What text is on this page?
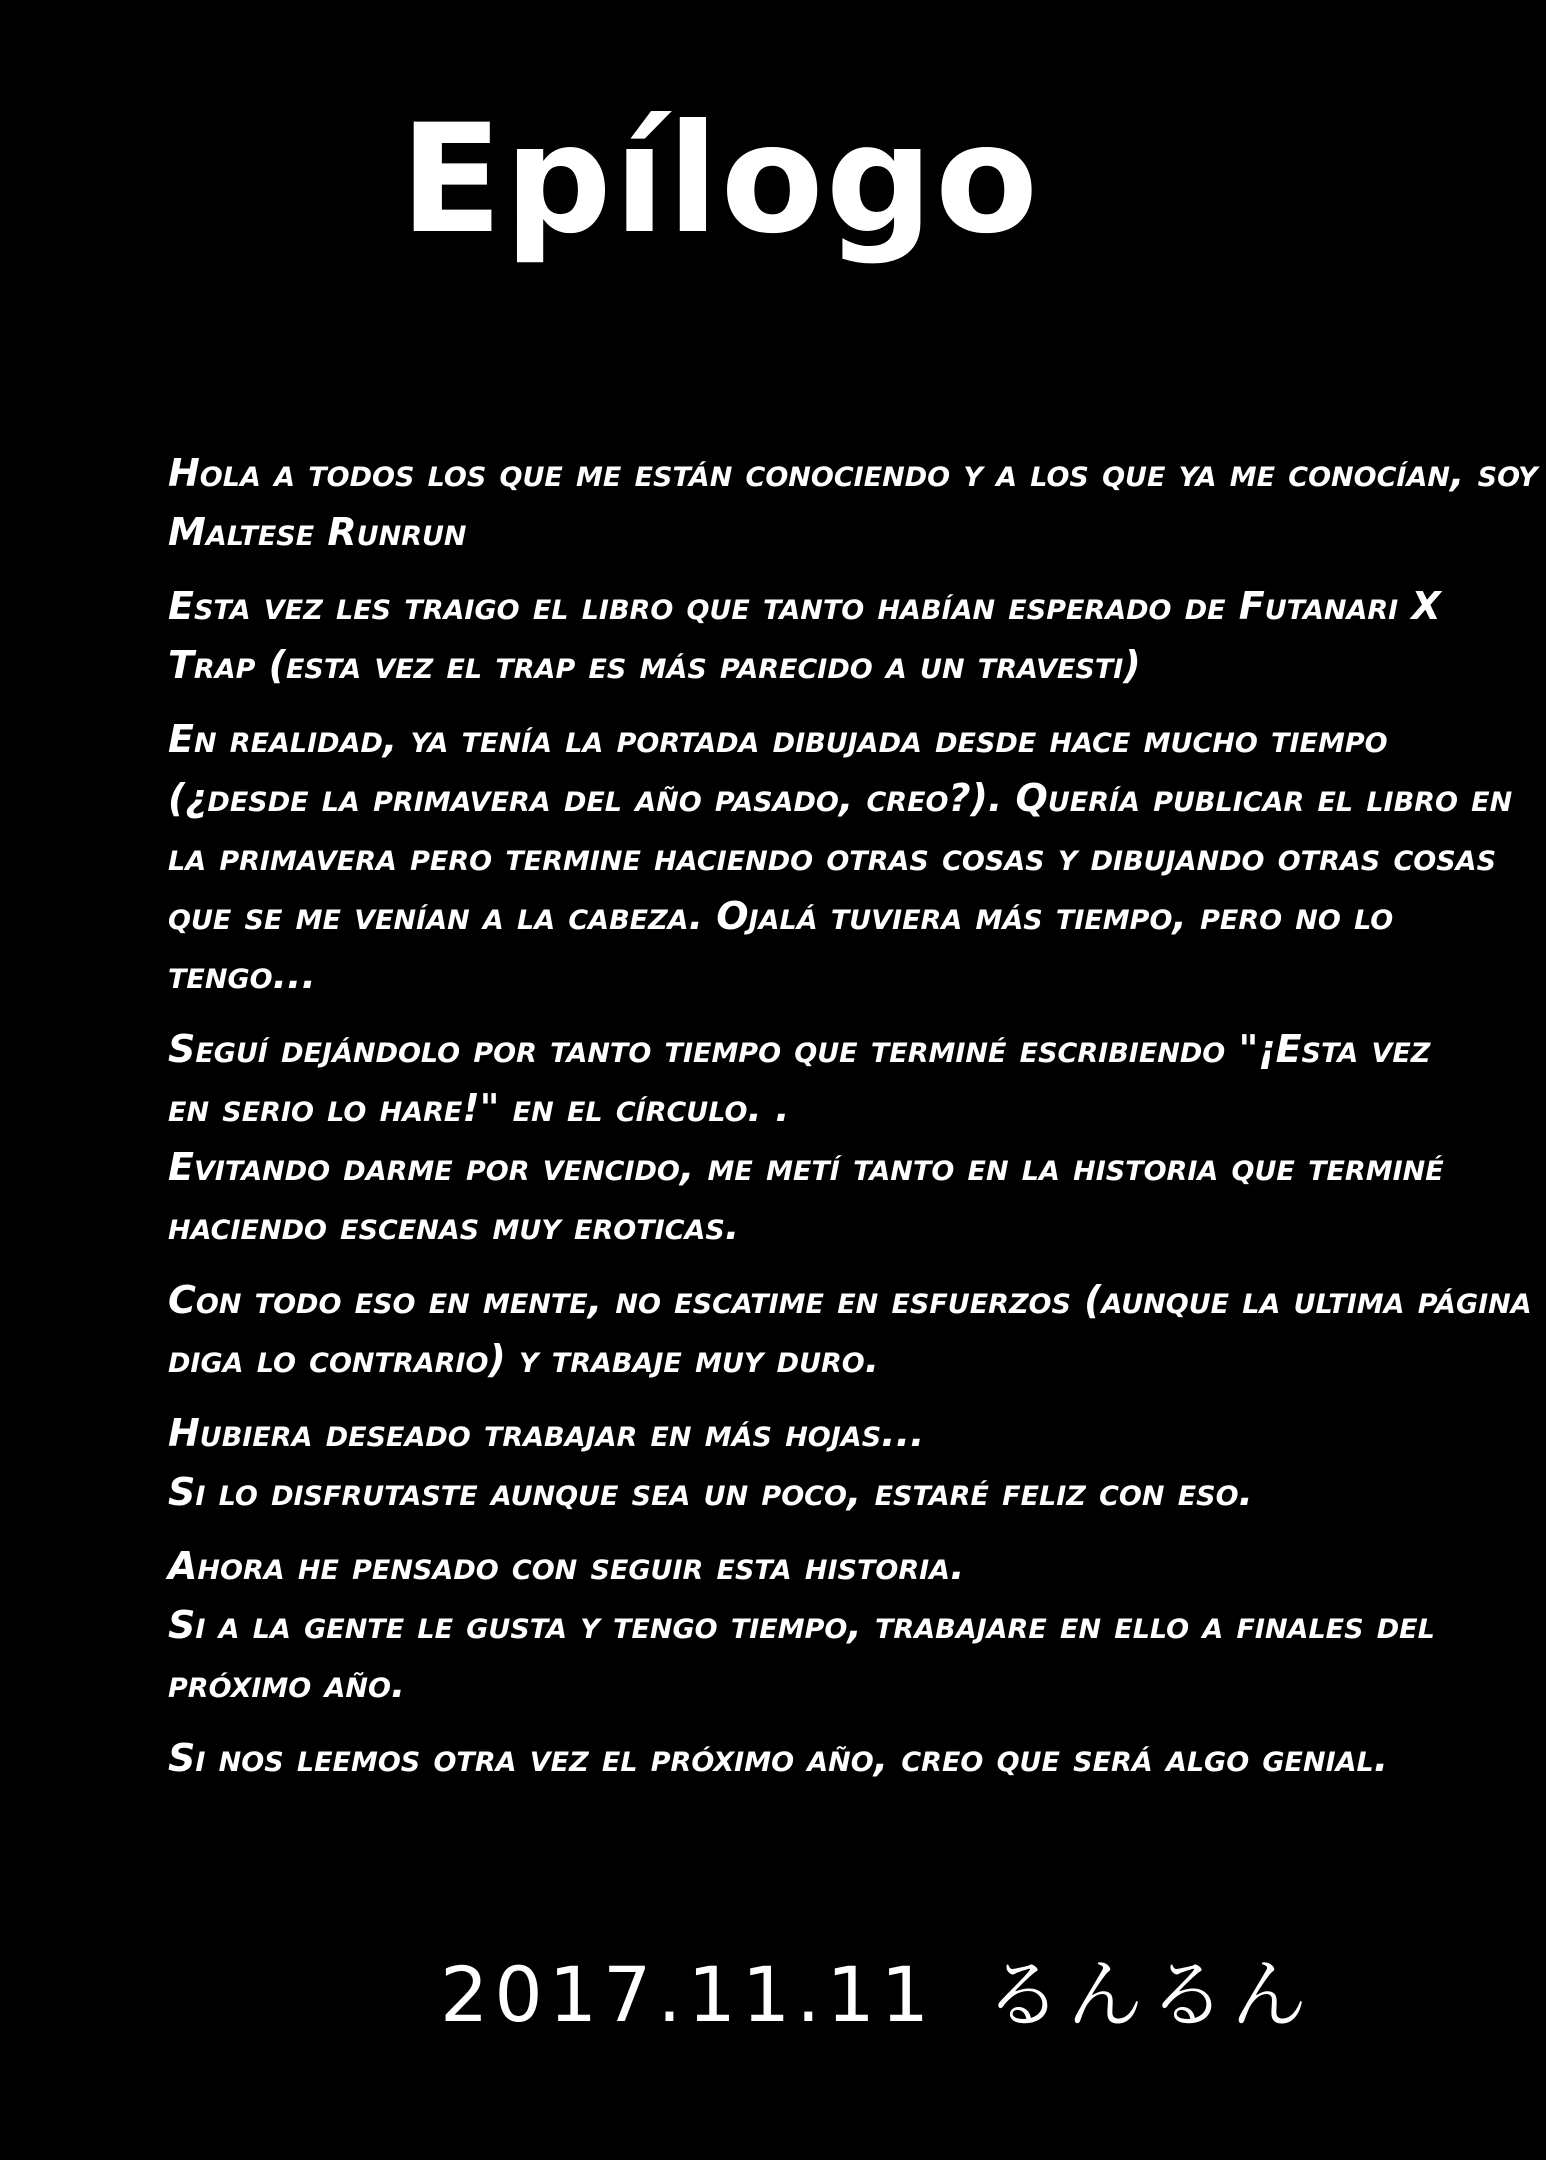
Epílogo
Hola a todos los que me están conociendo y a los que ya me conocían, soy
Maltese Runrun
Esta vez les traigo el libro que tanto habían esperado de Futanari X
Trap (esta vez el trap es más parecido a un travesti)
En realidad, ya tenía la portada dibujada desde hace mucho tiempo
(¿desde la primavera del año pasado, creo?). Quería publicar el libro en
la primavera pero termine haciendo otras cosas y dibujando otras cosas
que se me venían a la cabeza. Ojalá tuviera más tiempo, pero no lo
tengo...
Seguí dejándolo por tanto tiempo que terminé escribiendo "¡Esta vez
en serio lo hare!" en el círculo. .
Evitando darme por vencido, me metí tanto en la historia que terminé
haciendo escenas muy eroticas.
Con todo eso en mente, no escatime en esfuerzos (aunque la ultima página
diga lo contrario) y trabaje muy duro.
Hubiera deseado trabajar en más hojas...
Si lo disfrutaste aunque sea un poco, estaré feliz con eso.
Ahora he pensado con seguir esta historia.
Si a la gente le gusta y tengo tiempo, trabajare en ello a finales del
próximo año.
Si nos leemos otra vez el próximo año, creo que será algo genial.
2017.11.11 るんるん
